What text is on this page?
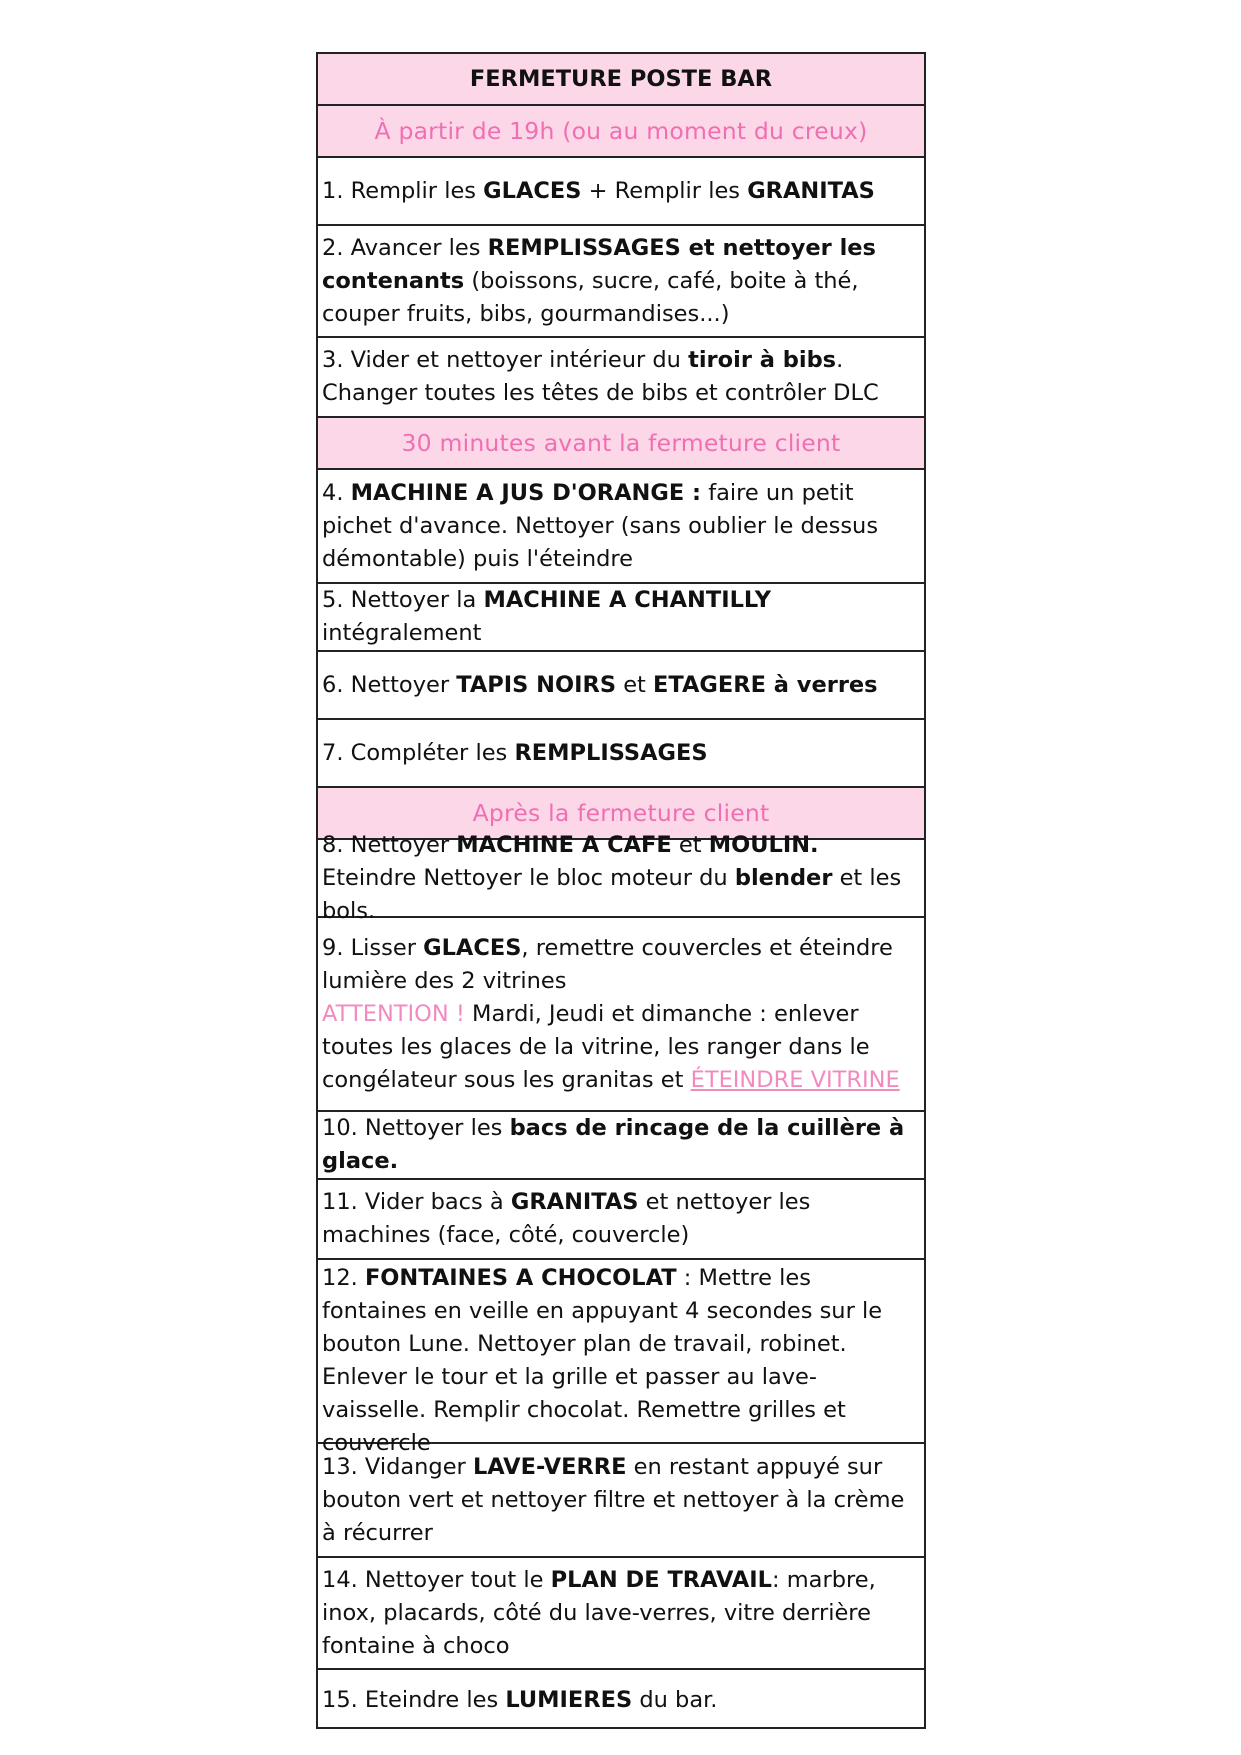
FERMETURE POSTE BAR
À partir de 19h (ou au moment du creux)
1. Remplir les GLACES + Remplir les GRANITAS
2. Avancer les REMPLISSAGES et nettoyer les contenants (boissons, sucre, café, boite à thé, couper fruits, bibs, gourmandises...)
3. Vider et nettoyer intérieur du tiroir à bibs. Changer toutes les têtes de bibs et contrôler DLC
30 minutes avant la fermeture client
4. MACHINE A JUS D'ORANGE : faire un petit pichet d'avance. Nettoyer (sans oublier le dessus démontable) puis l'éteindre
5. Nettoyer la MACHINE A CHANTILLY intégralement
6. Nettoyer TAPIS NOIRS et ETAGERE à verres
7. Compléter les REMPLISSAGES
Après la fermeture client
8. Nettoyer MACHINE A CAFE et MOULIN. Eteindre Nettoyer le bloc moteur du blender et les bols.
9. Lisser GLACES, remettre couvercles et éteindre lumière des 2 vitrines
ATTENTION ! Mardi, Jeudi et dimanche : enlever toutes les glaces de la vitrine, les ranger dans le congélateur sous les granitas et ÉTEINDRE VITRINE
10. Nettoyer les bacs de rincage de la cuillère à glace.
11. Vider bacs à GRANITAS et nettoyer les machines (face, côté, couvercle)
12. FONTAINES A CHOCOLAT : Mettre les fontaines en veille en appuyant 4 secondes sur le bouton Lune. Nettoyer plan de travail, robinet. Enlever le tour et la grille et passer au lave-vaisselle. Remplir chocolat. Remettre grilles et couvercle
13. Vidanger LAVE-VERRE en restant appuyé sur bouton vert et nettoyer filtre et nettoyer à la crème à récurrer
14. Nettoyer tout le PLAN DE TRAVAIL: marbre, inox, placards, côté du lave-verres, vitre derrière fontaine à choco
15. Eteindre les LUMIERES du bar.
